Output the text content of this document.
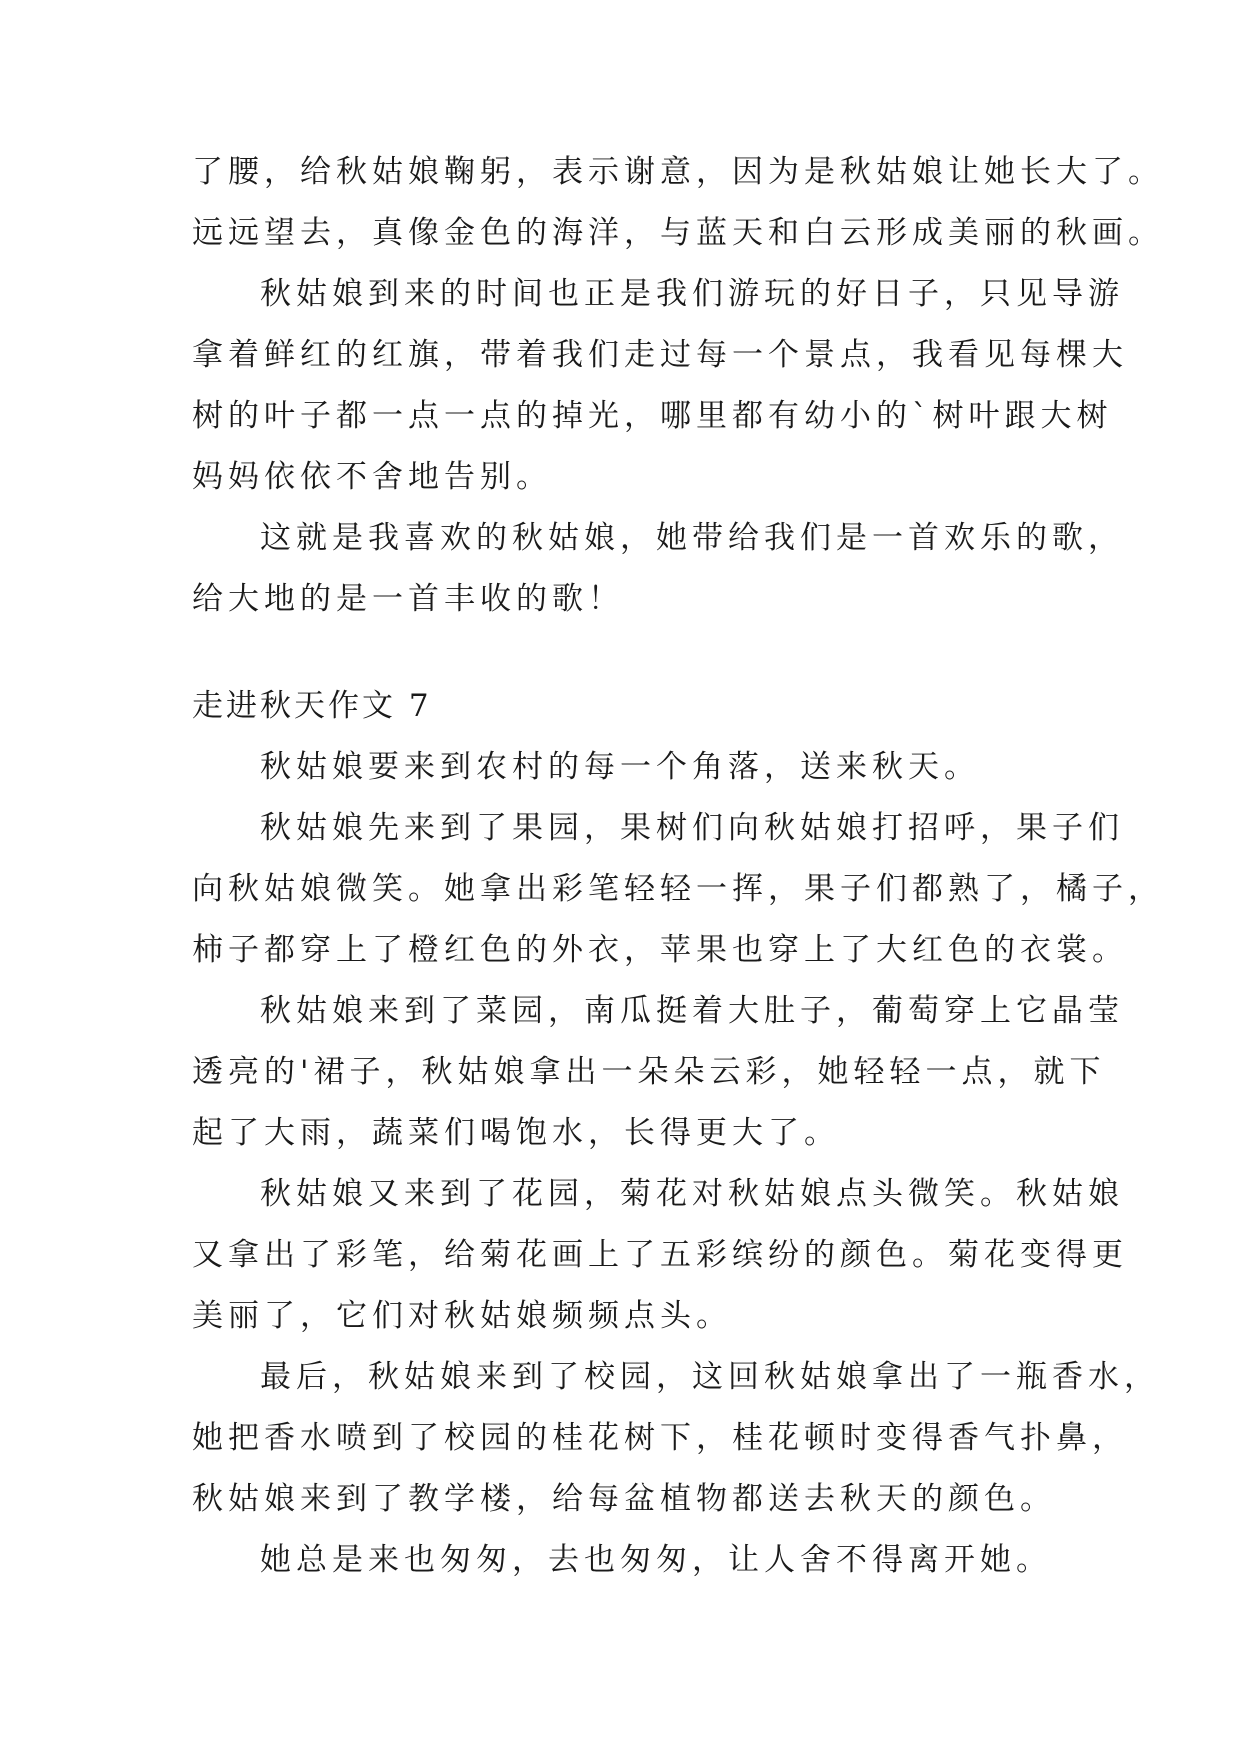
了腰，给秋姑娘鞠躬，表示谢意，因为是秋姑娘让她长大了。
远远望去，真像金色的海洋，与蓝天和白云形成美丽的秋画。
秋姑娘到来的时间也正是我们游玩的好日子，只见导游
拿着鲜红的红旗，带着我们走过每一个景点，我看见每棵大
树的叶子都一点一点的掉光，哪里都有幼小的`树叶跟大树
妈妈依依不舍地告别。
这就是我喜欢的秋姑娘，她带给我们是一首欢乐的歌，
给大地的是一首丰收的歌！
走进秋天作文 7
秋姑娘要来到农村的每一个角落，送来秋天。
秋姑娘先来到了果园，果树们向秋姑娘打招呼，果子们
向秋姑娘微笑。她拿出彩笔轻轻一挥，果子们都熟了，橘子，
柿子都穿上了橙红色的外衣，苹果也穿上了大红色的衣裳。
秋姑娘来到了菜园，南瓜挺着大肚子，葡萄穿上它晶莹
透亮的'裙子，秋姑娘拿出一朵朵云彩，她轻轻一点，就下
起了大雨，蔬菜们喝饱水，长得更大了。
秋姑娘又来到了花园，菊花对秋姑娘点头微笑。秋姑娘
又拿出了彩笔，给菊花画上了五彩缤纷的颜色。菊花变得更
美丽了，它们对秋姑娘频频点头。
最后，秋姑娘来到了校园，这回秋姑娘拿出了一瓶香水，
她把香水喷到了校园的桂花树下，桂花顿时变得香气扑鼻，
秋姑娘来到了教学楼，给每盆植物都送去秋天的颜色。
她总是来也匆匆，去也匆匆，让人舍不得离开她。
